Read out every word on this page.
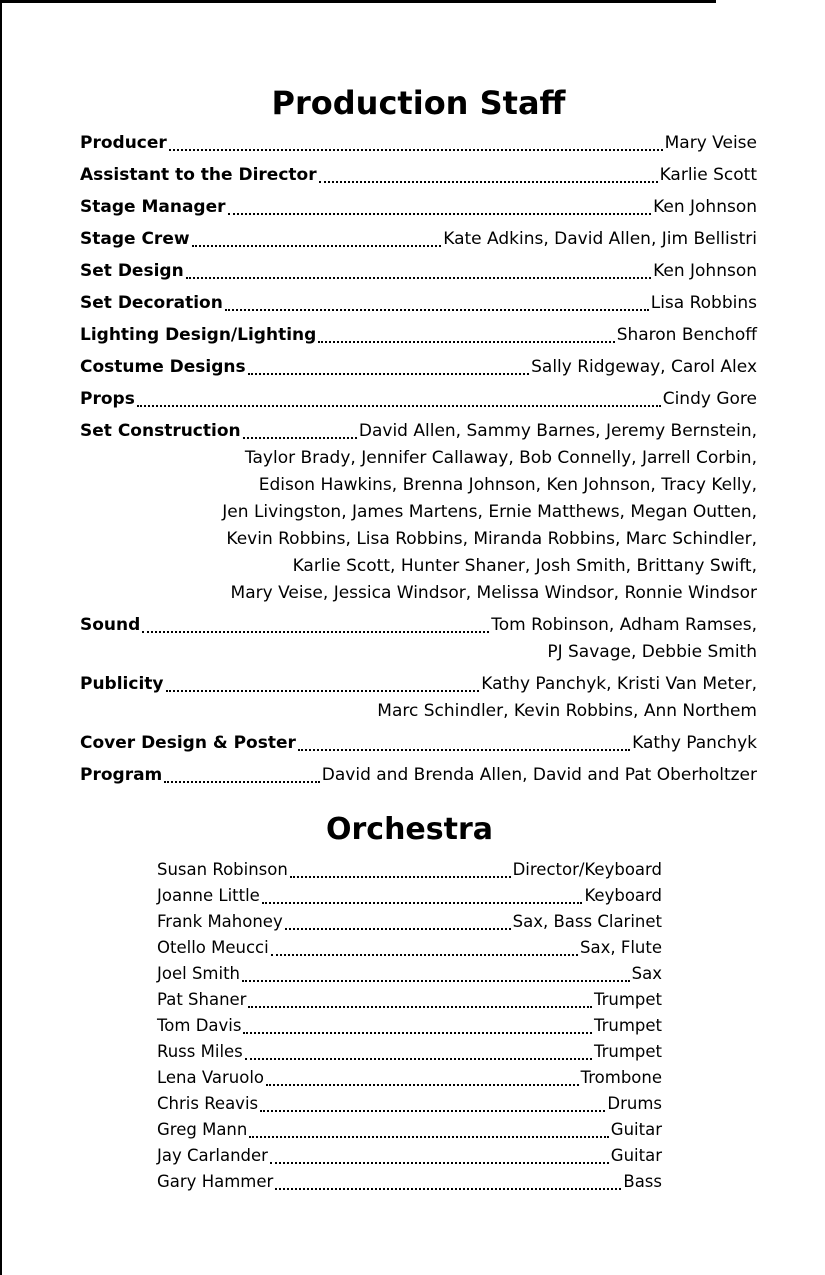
Production Staff
Producer	Mary Veise
Assistant to the Director	Karlie Scott
Stage Manager	Ken Johnson
Stage Crew	Kate Adkins, David Allen, Jim Bellistri
Set Design	Ken Johnson
Set Decoration	Lisa Robbins
Lighting Design/Lighting	Sharon Benchoff
Costume Designs	Sally Ridgeway, Carol Alex
Props	Cindy Gore
Set Construction	David Allen, Sammy Barnes, Jeremy Bernstein,
Taylor Brady, Jennifer Callaway, Bob Connelly, Jarrell Corbin,
Edison Hawkins, Brenna Johnson, Ken Johnson, Tracy Kelly,
Jen Livingston, James Martens, Ernie Matthews, Megan Outten,
Kevin Robbins, Lisa Robbins, Miranda Robbins, Marc Schindler,
Karlie Scott, Hunter Shaner, Josh Smith, Brittany Swift,
Mary Veise, Jessica Windsor, Melissa Windsor, Ronnie Windsor
Sound	Tom Robinson, Adham Ramses,
PJ Savage, Debbie Smith
Publicity	Kathy Panchyk, Kristi Van Meter,
Marc Schindler, Kevin Robbins, Ann Northem
Cover Design & Poster	Kathy Panchyk
Program	David and Brenda Allen, David and Pat Oberholtzer
Orchestra
Susan Robinson	Director/Keyboard
Joanne Little	Keyboard
Frank Mahoney	Sax, Bass Clarinet
Otello Meucci	Sax, Flute
Joel Smith	Sax
Pat Shaner	Trumpet
Tom Davis	Trumpet
Russ Miles	Trumpet
Lena Varuolo	Trombone
Chris Reavis	Drums
Greg Mann	Guitar
Jay Carlander	Guitar
Gary Hammer	Bass
